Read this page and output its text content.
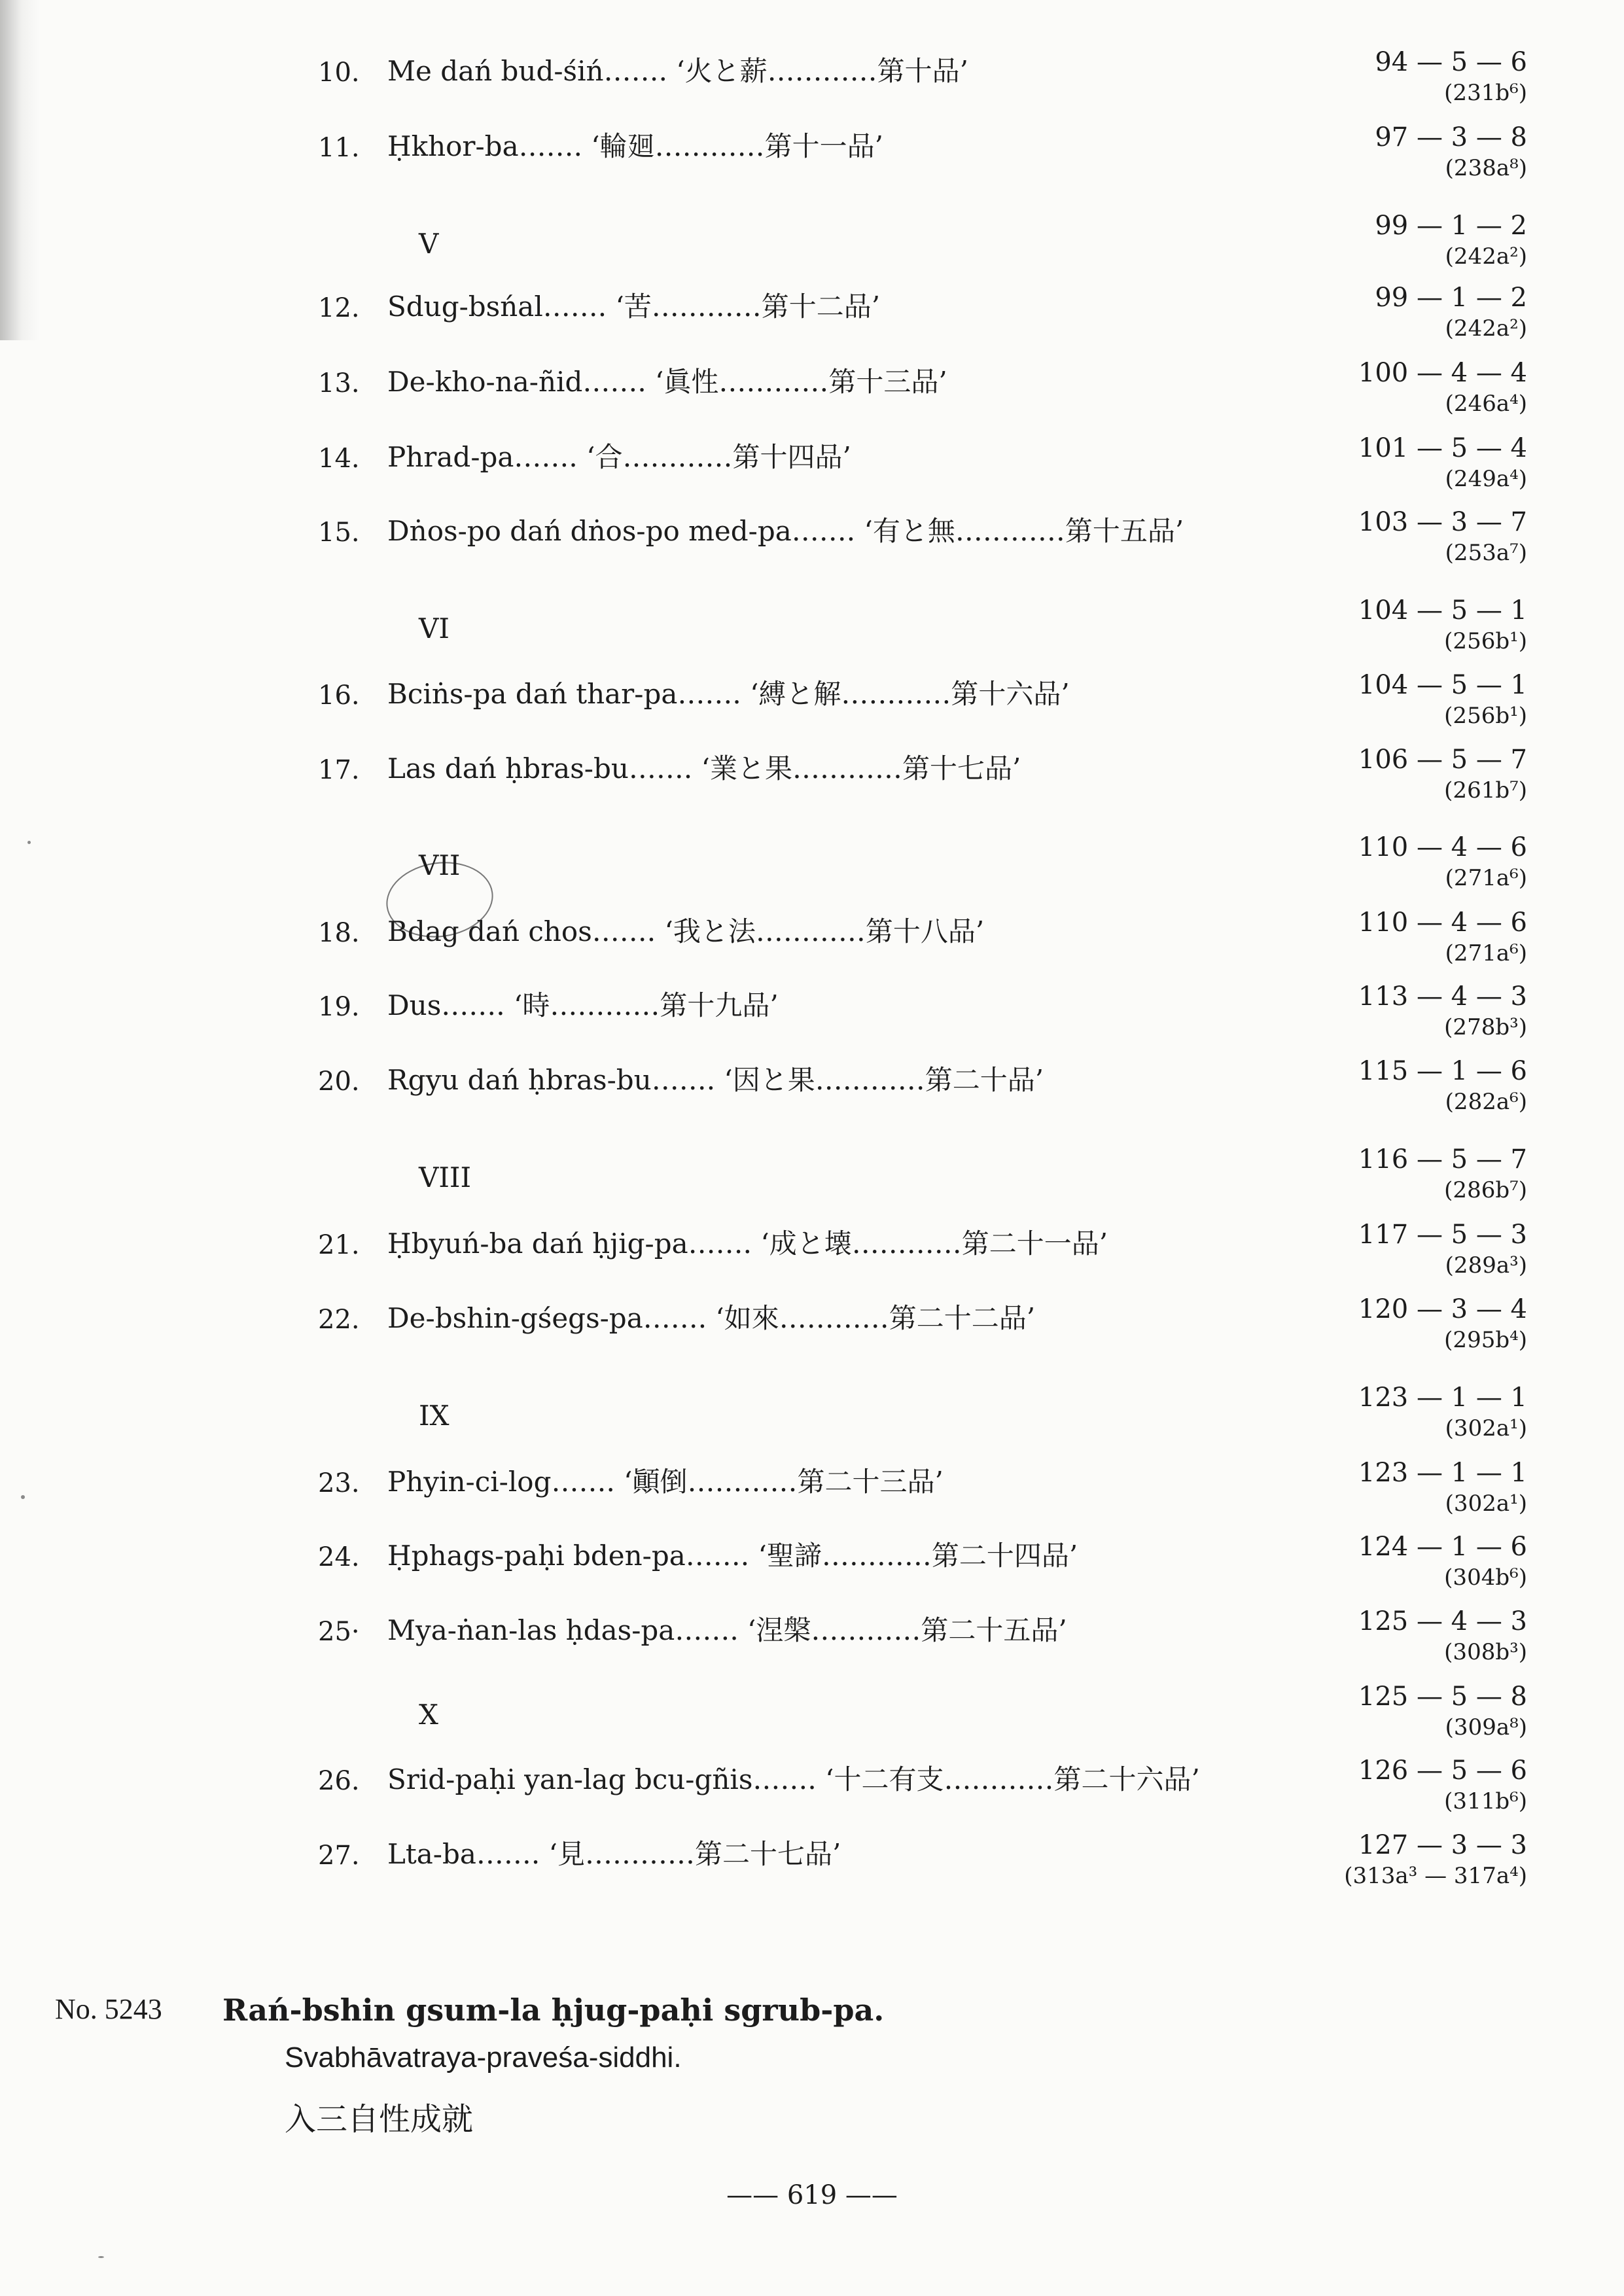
10. Me dań bud-śiń……. ‘火と薪…………第十品’	94 — 5 — 6
(231b⁶)
11. Ḥkhor-ba……. ‘輪廻…………第十一品’	97 — 3 — 8
(238a⁸)
V
99 — 1 — 2
(242a²)
12. Sdug-bsńal……. ‘苦…………第十二品’	99 — 1 — 2
(242a²)
13. De-kho-na-ñid……. ‘眞性…………第十三品’	100 — 4 — 4
(246a⁴)
14. Phrad-pa……. ‘合…………第十四品’	101 — 5 — 4
(249a⁴)
15. Dṅos-po dań dṅos-po med-pa……. ‘有と無…………第十五品’	103 — 3 — 7
(253a⁷)
VI
104 — 5 — 1
(256b¹)
16. Bciṅs-pa dań thar-pa……. ‘縛と解…………第十六品’	104 — 5 — 1
(256b¹)
17. Las dań ḥbras-bu……. ‘業と果…………第十七品’	106 — 5 — 7
(261b⁷)
VII
110 — 4 — 6
(271a⁶)
18. Bdag dań chos……. ‘我と法…………第十八品’	110 — 4 — 6
(271a⁶)
19. Dus……. ‘時…………第十九品’	113 — 4 — 3
(278b³)
20. Rgyu dań ḥbras-bu……. ‘因と果…………第二十品’	115 — 1 — 6
(282a⁶)
VIII
116 — 5 — 7
(286b⁷)
21. Ḥbyuń-ba dań ḥjig-pa……. ‘成と壊…………第二十一品’	117 — 5 — 3
(289a³)
22. De-bshin-gśegs-pa……. ‘如來…………第二十二品’	120 — 3 — 4
(295b⁴)
IX
123 — 1 — 1
(302a¹)
23. Phyin-ci-log……. ‘顚倒…………第二十三品’	123 — 1 — 1
(302a¹)
24. Ḥphags-paḥi bden-pa……. ‘聖諦…………第二十四品’	124 — 1 — 6
(304b⁶)
25· Mya-ṅan-las ḥdas-pa……. ‘涅槃…………第二十五品’	125 — 4 — 3
(308b³)
X
125 — 5 — 8
(309a⁸)
26. Srid-paḥi yan-lag bcu-gñis……. ‘十二有支…………第二十六品’	126 — 5 — 6
(311b⁶)
27. Lta-ba……. ‘見…………第二十七品’	127 — 3 — 3
(313a³ — 317a⁴)
No. 5243 Rań-bshin gsum-la ḥjug-paḥi sgrub-pa.
Svabhāvatraya-praveśa-siddhi.
入三自性成就
—— 619 ——
